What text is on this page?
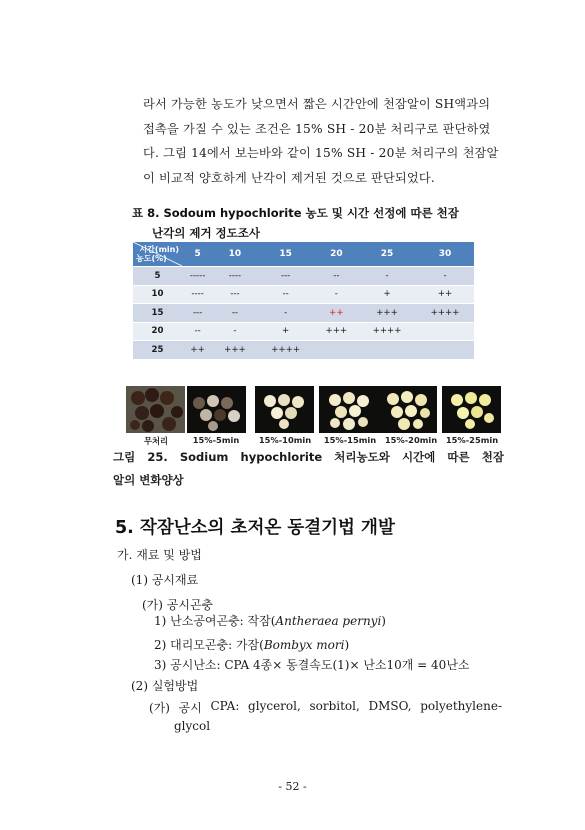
라서 가능한 농도가 낮으면서 짧은 시간안에 천잠알이 SH액과의
접촉을 가질 수 있는 조건은 15% SH - 20분 처리구로 판단하였
다. 그림 14에서 보는바와 같이 15% SH - 20분 처리구의 천잠알
이 비교적 양호하게 난각이 제거된 것으로 판단되었다.
표 8. Sodoum hypochlorite 농도 및 시간 선정에 따른 천잠
난각의 제거 정도조사
시간(min)
농도(%)	5	10	15	20	25	30
5	-----	----	---	--	-	-
10	----	---	--	-	+	++
15	---	--	-	++	+++	++++
20	--	-	+	+++	++++	
25	++	+++	++++			
무처리	15%-5min	15%-10min	15%-15min	15%-20min	15%-25min
그림 25. Sodium hypochlorite 처리농도와 시간에 따른 천잠
알의 변화양상
5. 작잠난소의 초저온 동결기법 개발
가. 재료 및 방법
(1) 공시재료
(가) 공시곤충
1) 난소공여곤충: 작잠(Antheraea pernyi)
2) 대리모곤충: 가잠(Bombyx mori)
3) 공시난소: CPA 4종× 동결속도(1)× 난소10개 = 40난소
(2) 실험방법
(가) 공시 CPA: glycerol, sorbitol, DMSO, polyethylene-
glycol
- 52 -
